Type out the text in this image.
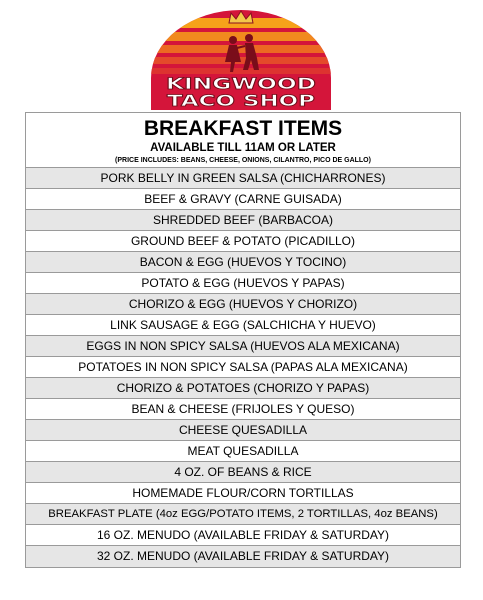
KINGWOOD
TACO SHOP
BREAKFAST ITEMS
AVAILABLE TILL 11AM OR LATER
(PRICE INCLUDES: BEANS, CHEESE, ONIONS, CILANTRO, PICO DE GALLO)
PORK BELLY IN GREEN SALSA (CHICHARRONES)
BEEF & GRAVY (CARNE GUISADA)
SHREDDED BEEF (BARBACOA)
GROUND BEEF & POTATO (PICADILLO)
BACON & EGG (HUEVOS Y TOCINO)
POTATO & EGG (HUEVOS Y PAPAS)
CHORIZO & EGG (HUEVOS Y CHORIZO)
LINK SAUSAGE & EGG (SALCHICHA Y HUEVO)
EGGS IN NON SPICY SALSA (HUEVOS ALA MEXICANA)
POTATOES IN NON SPICY SALSA (PAPAS ALA MEXICANA)
CHORIZO & POTATOES (CHORIZO Y PAPAS)
BEAN & CHEESE (FRIJOLES Y QUESO)
CHEESE QUESADILLA
MEAT QUESADILLA
4 OZ. OF BEANS & RICE
HOMEMADE FLOUR/CORN TORTILLAS
BREAKFAST PLATE (4oz EGG/POTATO ITEMS, 2 TORTILLAS, 4oz BEANS)
16 OZ. MENUDO (AVAILABLE FRIDAY & SATURDAY)
32 OZ. MENUDO (AVAILABLE FRIDAY & SATURDAY)
